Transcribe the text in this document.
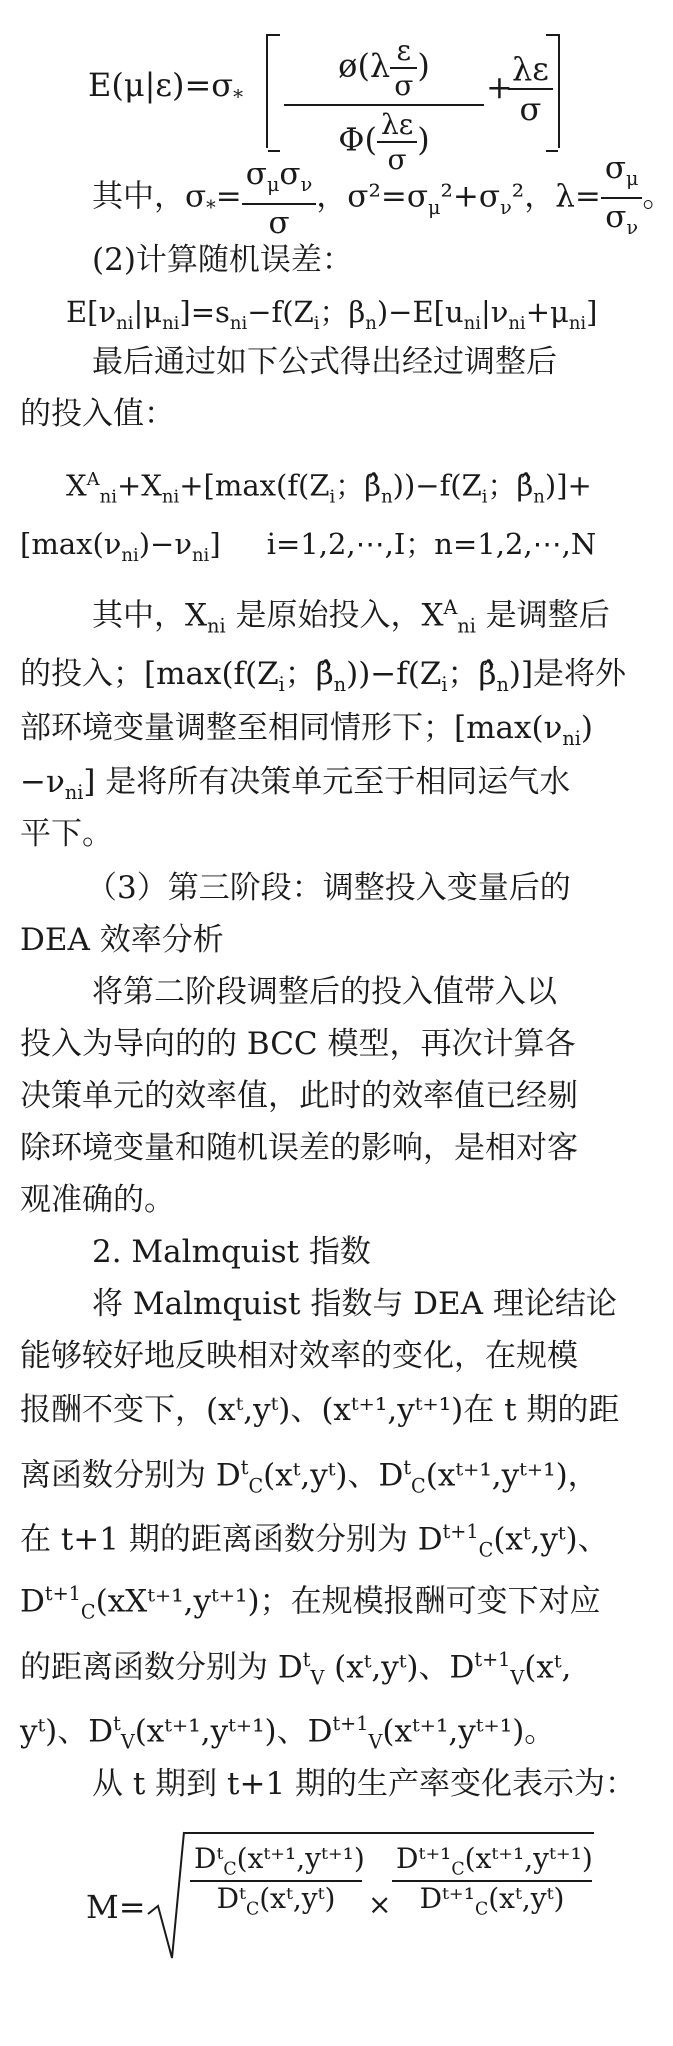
$E(\mu|\varepsilon)=\sigma_*$
ø(λ $\frac{\varepsilon}{\sigma}$ )
$\Phi( \frac{\lambda\varepsilon}{\sigma}$ )
+
$\frac{\lambda\varepsilon}{\sigma}$
其中，$\sigma_*= \frac{\sigma_\mu\sigma_\nu}{\sigma}$ ，$\sigma^2=\sigma_\mu^2+\sigma_\nu^2$，$\lambda= \frac{\sigma_\mu}{\sigma_\nu}$ 。
(2)计算随机误差：
$E[\nu_{ni}|\mu_{ni}]=s_{ni}-f(Z_i$；$\beta_n)-E[u_{ni}|\nu_{ni}+\mu_{ni}]$
最后通过如下公式得出经过调整后
的投入值：
$X^A_{ni}+X_{ni}+[\max(f(Z_i$；$\betâ_n))-f(Z_i$；$\betâ_n)]+$
$[\max(\nu_{ni})-\nu_{ni}]$     i=1,2,⋯,I；n=1,2,⋯,N
其中，$X_{ni}$ 是原始投入，$X^A_{ni}$ 是调整后
的投入；[$\max(f(Z_i$；$\betâ_n))-f(Z_i$；$\betâ_n$)]是将外
部环境变量调整至相同情形下；[$\max(\nu_{ni})$
$-\nu_{ni}$] 是将所有决策单元至于相同运气水
平下。
（3）第三阶段：调整投入变量后的
DEA 效率分析
将第二阶段调整后的投入值带入以
投入为导向的的 BCC 模型，再次计算各
决策单元的效率值，此时的效率值已经剔
除环境变量和随机误差的影响，是相对客
观准确的。
2. Malmquist 指数
将 Malmquist 指数与 DEA 理论结论
能够较好地反映相对效率的变化，在规模
报酬不变下，(xᵗ,yᵗ)、(xᵗ⁺¹,yᵗ⁺¹)在 t 期的距
离函数分别为 $D^t_C(xᵗ,yᵗ)$、$D^t_C(xᵗ^{+1},yᵗ^{+1})$，
在 t+1 期的距离函数分别为 $D^{t+1}_C(xᵗ,yᵗ)$、
$D^{t+1}_C(xXᵗ^{+1},yᵗ^{+1})$；在规模报酬可变下对应
的距离函数分别为 $D^t_V$ (xᵗ,yᵗ)、$D^{t+1}_V(xᵗ$,
yᵗ)、$D^t_V(xᵗ^{+1},yᵗ^{+1})$、$D^{t+1}_V(xᵗ^{+1},yᵗ^{+1})$。
从 t 期到 t+1 期的生产率变化表示为：
M=
Dᵗ$_C$(xᵗ⁺¹,yᵗ⁺¹)
Dᵗ$_C$(xᵗ,yᵗ)	× $\frac{Dᵗ^{+1}_C(xᵗ^{+1},yᵗ^{+1})}{Dᵗ^{+1}_C(xᵗ,yᵗ)}$
